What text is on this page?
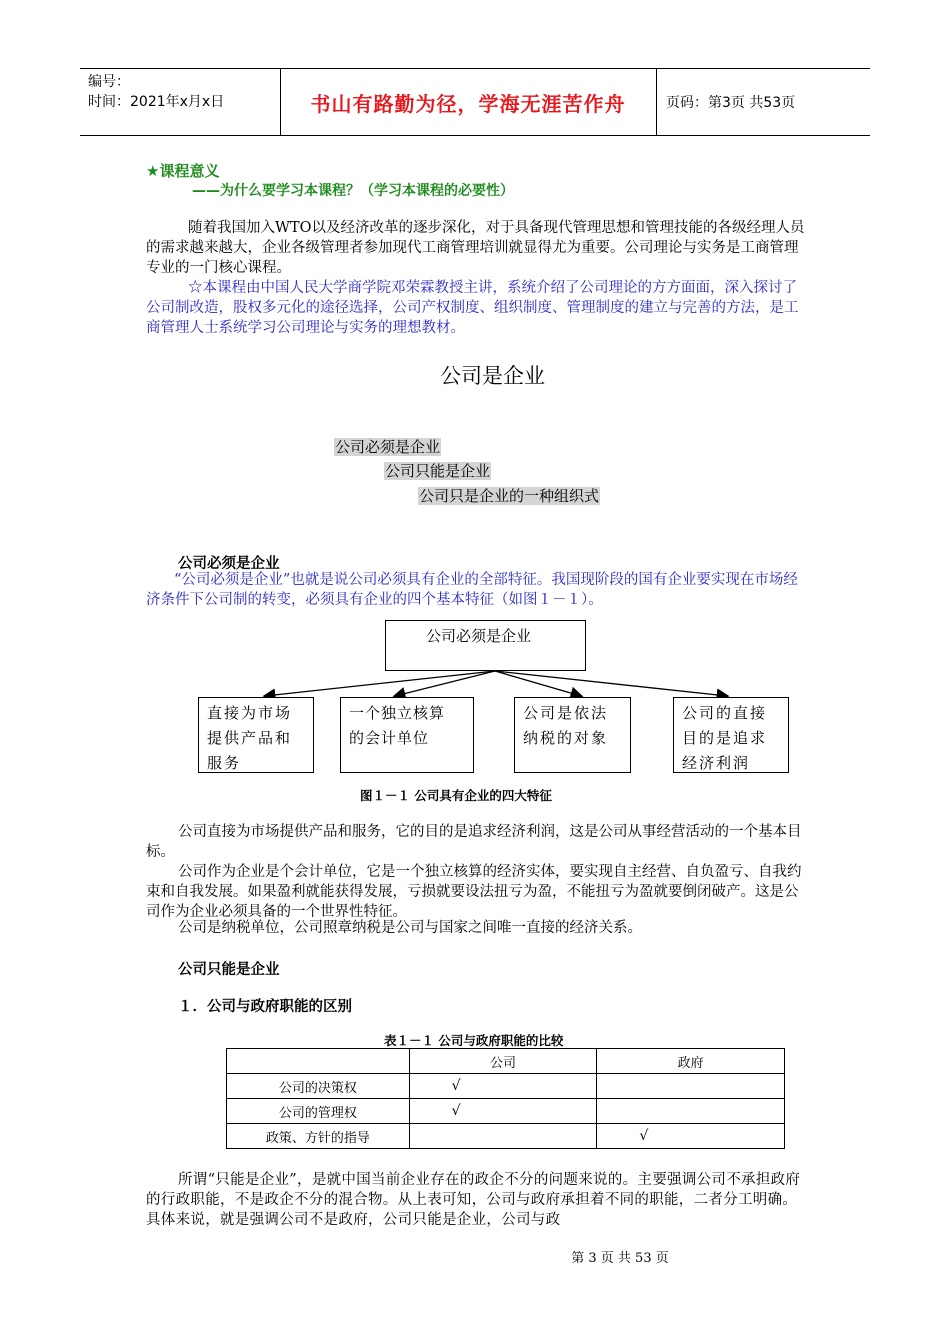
编号：
时间：2021年x月x日	书山有路勤为径，学海无涯苦作舟	页码：第3页 共53页
★课程意义
——为什么要学习本课程？（学习本课程的必要性）
随着我国加入WTO以及经济改革的逐步深化，对于具备现代管理思想和管理技能的各级经理人员的需求越来越大，企业各级管理者参加现代工商管理培训就显得尤为重要。公司理论与实务是工商管理专业的一门核心课程。
☆本课程由中国人民大学商学院邓荣霖教授主讲，系统介绍了公司理论的方方面面，深入探讨了公司制改造，股权多元化的途径选择，公司产权制度、组织制度、管理制度的建立与完善的方法，是工商管理人士系统学习公司理论与实务的理想教材。
公司是企业
公司必须是企业
公司只能是企业
公司只是企业的一种组织式
公司必须是企业
“公司必须是企业”也就是说公司必须具有企业的全部特征。我国现阶段的国有企业要实现在市场经济条件下公司制的转变，必须具有企业的四个基本特征（如图１－１）。
公司必须是企业
直接为市场
提供产品和
服务
一个独立核算
的会计单位
公司是依法
纳税的对象
公司的直接
目的是追求
经济利润
图１－１ 公司具有企业的四大特征
公司直接为市场提供产品和服务，它的目的是追求经济利润，这是公司从事经营活动的一个基本目标。
公司作为企业是个会计单位，它是一个独立核算的经济实体，要实现自主经营、自负盈亏、自我约束和自我发展。如果盈利就能获得发展，亏损就要设法扭亏为盈，不能扭亏为盈就要倒闭破产。这是公司作为企业必须具备的一个世界性特征。
公司是纳税单位，公司照章纳税是公司与国家之间唯一直接的经济关系。
公司只能是企业
１．公司与政府职能的区别
表１－１ 公司与政府职能的比较
	公司	政府
公司的决策权	√	
公司的管理权	√	
政策、方针的指导		√
所谓“只能是企业”，是就中国当前企业存在的政企不分的问题来说的。主要强调公司不承担政府的行政职能，不是政企不分的混合物。从上表可知，公司与政府承担着不同的职能，二者分工明确。具体来说，就是强调公司不是政府，公司只能是企业，公司与政
第 3 页 共 53 页
